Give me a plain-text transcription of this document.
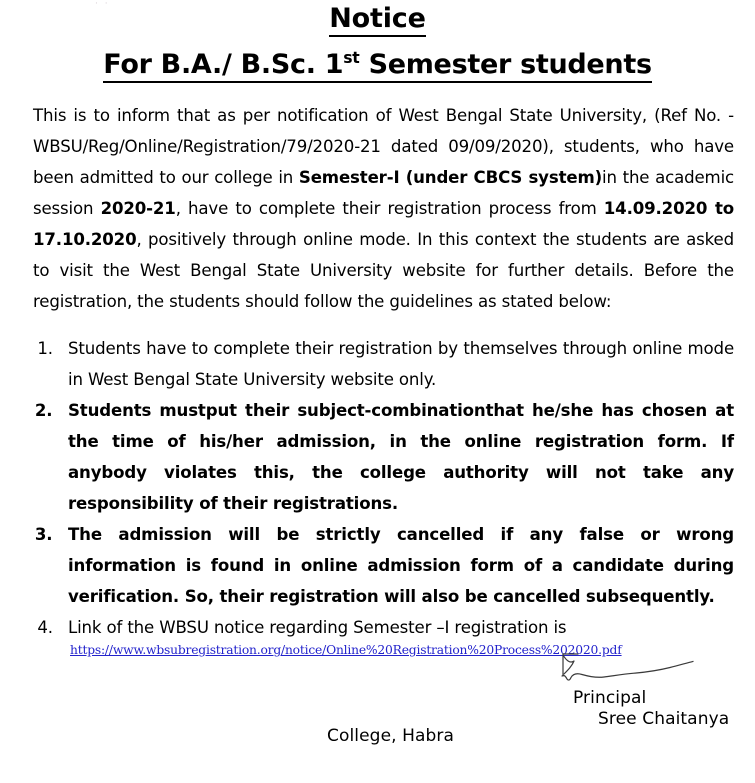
· ·	Notice
For B.A./ B.Sc. 1st Semester students

This is to inform that as per notification of West Bengal State University, (Ref No. - WBSU/Reg/Online/Registration/79/2020-21 dated 09/09/2020), students, who have been admitted to our college in Semester-I (under CBCS system)in the academic session 2020-21, have to complete their registration process from 14.09.2020 to 17.10.2020, positively through online mode. In this context the students are asked to visit the West Bengal State University website for further details. Before the registration, the students should follow the guidelines as stated below:

1. Students have to complete their registration by themselves through online mode in West Bengal State University website only.
2. Students mustput their subject-combinationthat he/she has chosen at the time of his/her admission, in the online registration form. If anybody violates this, the college authority will not take any responsibility of their registrations.
3. The admission will be strictly cancelled if any false or wrong information is found in online admission form of a candidate during verification. So, their registration will also be cancelled subsequently.
4. Link of the WBSU notice regarding Semester –I registration is
https://www.wbsubregistration.org/notice/Online%20Registration%20Process%202020.pdf
Principal
Sree Chaitanya
College, Habra
